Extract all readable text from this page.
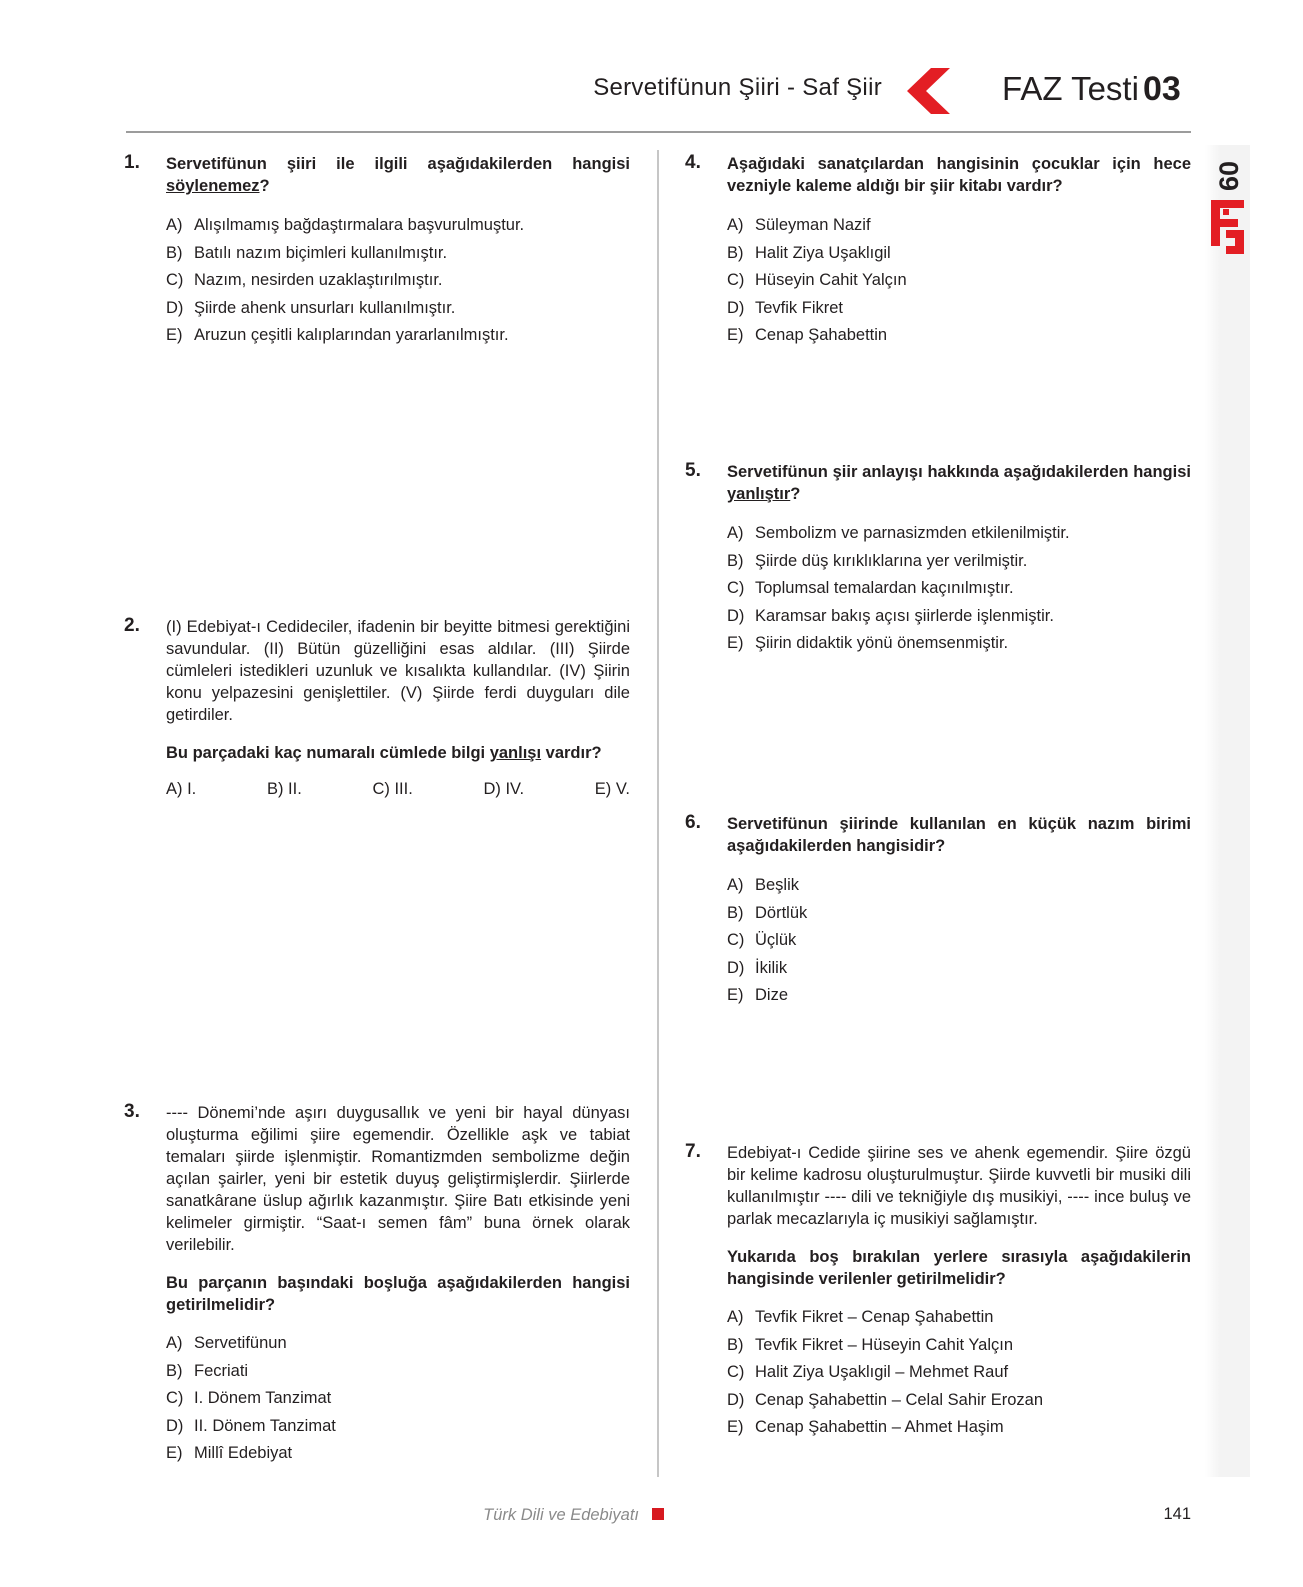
Servetifünun Şiiri - Saf Şiir	FAZ Testi 03
09
1. Servetifünun şiiri ile ilgili aşağıdakilerden hangisi söylenemez?

A) Alışılmamış bağdaştırmalara başvurulmuştur.
B) Batılı nazım biçimleri kullanılmıştır.
C) Nazım, nesirden uzaklaştırılmıştır.
D) Şiirde ahenk unsurları kullanılmıştır.
E) Aruzun çeşitli kalıplarından yararlanılmıştır.
2. (I) Edebiyat-ı Cedideciler, ifadenin bir beyitte bitmesi gerektiğini savundular. (II) Bütün güzelliğini esas aldılar. (III) Şiirde cümleleri istedikleri uzunluk ve kısalıkta kullandılar. (IV) Şiirin konu yelpazesini genişlettiler. (V) Şiirde ferdi duyguları dile getirdiler.

Bu parçadaki kaç numaralı cümlede bilgi yanlışı vardır?

A) I.	B) II.	C) III.	D) IV.	E) V.
3. ---- Dönemi’nde aşırı duygusallık ve yeni bir hayal dünyası oluşturma eğilimi şiire egemendir. Özellikle aşk ve tabiat temaları şiirde işlenmiştir. Romantizmden sembolizme değin açılan şairler, yeni bir estetik duyuş geliştirmişlerdir. Şiirlerde sanatkârane üslup ağırlık kazanmıştır. Şiire Batı etkisinde yeni kelimeler girmiştir. “Saat-ı semen fâm” buna örnek olarak verilebilir.

Bu parçanın başındaki boşluğa aşağıdakilerden hangisi getirilmelidir?

A) Servetifünun
B) Fecriati
C) I. Dönem Tanzimat
D) II. Dönem Tanzimat
E) Millî Edebiyat
4. Aşağıdaki sanatçılardan hangisinin çocuklar için hece vezniyle kaleme aldığı bir şiir kitabı vardır?

A) Süleyman Nazif
B) Halit Ziya Uşaklıgil
C) Hüseyin Cahit Yalçın
D) Tevfik Fikret
E) Cenap Şahabettin
5. Servetifünun şiir anlayışı hakkında aşağıdakilerden hangisi yanlıştır?

A) Sembolizm ve parnasizmden etkilenilmiştir.
B) Şiirde düş kırıklıklarına yer verilmiştir.
C) Toplumsal temalardan kaçınılmıştır.
D) Karamsar bakış açısı şiirlerde işlenmiştir.
E) Şiirin didaktik yönü önemsenmiştir.
6. Servetifünun şiirinde kullanılan en küçük nazım birimi aşağıdakilerden hangisidir?

A) Beşlik
B) Dörtlük
C) Üçlük
D) İkilik
E) Dize
7. Edebiyat-ı Cedide şiirine ses ve ahenk egemendir. Şiire özgü bir kelime kadrosu oluşturulmuştur. Şiirde kuvvetli bir musiki dili kullanılmıştır ---- dili ve tekniğiyle dış musikiyi, ---- ince buluş ve parlak mecazlarıyla iç musikiyi sağlamıştır.

Yukarıda boş bırakılan yerlere sırasıyla aşağıdakilerin hangisinde verilenler getirilmelidir?

A) Tevfik Fikret – Cenap Şahabettin
B) Tevfik Fikret – Hüseyin Cahit Yalçın
C) Halit Ziya Uşaklıgil – Mehmet Rauf
D) Cenap Şahabettin – Celal Sahir Erozan
E) Cenap Şahabettin – Ahmet Haşim
Türk Dili ve Edebiyatı	141
